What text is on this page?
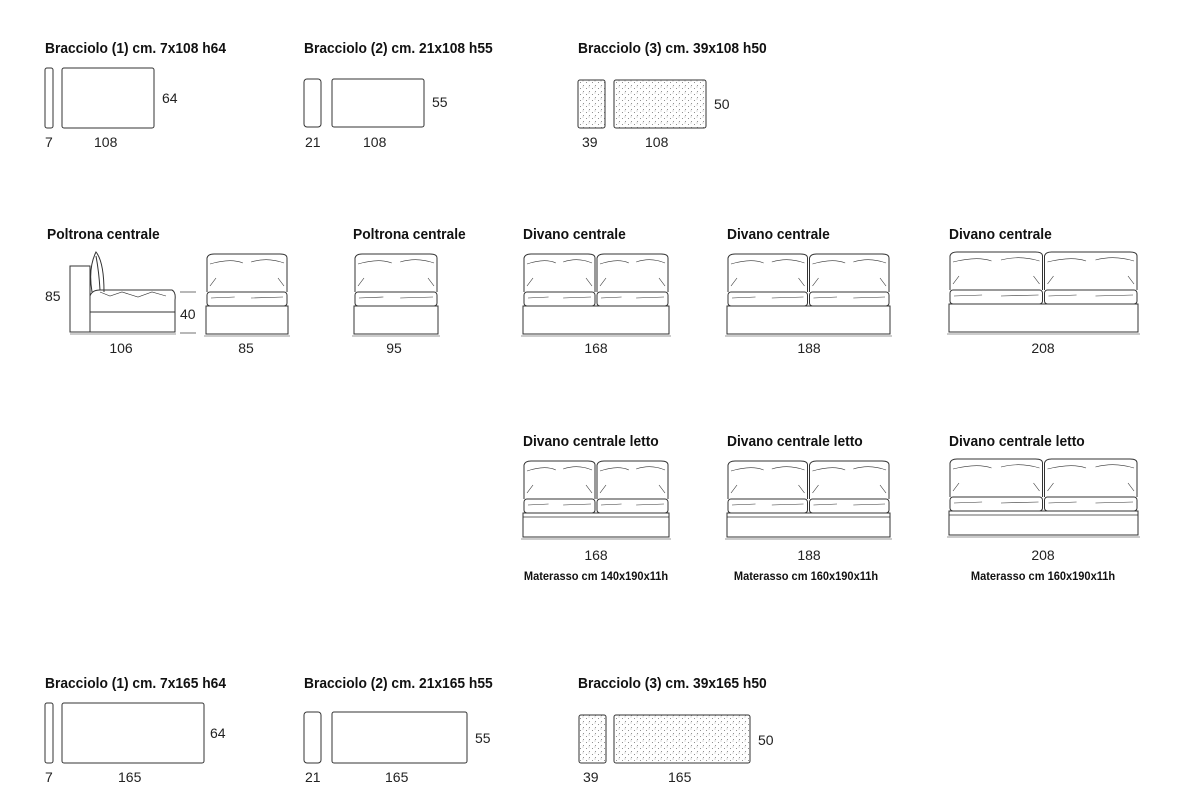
Bracciolo (1) cm. 7x108 h64	Bracciolo (2) cm. 21x108 h55	Bracciolo (3) cm. 39x108 h50
7	108
64
21	108
55
39	108
50
Poltrona centrale	Poltrona centrale	Divano centrale	Divano centrale	Divano centrale
85
40
106	85	95	168	188	208
Divano centrale letto	Divano centrale letto	Divano centrale letto
168	188	208
Materasso cm 140x190x11h	Materasso cm 160x190x11h	Materasso cm 160x190x11h
Bracciolo (1) cm. 7x165 h64	Bracciolo (2) cm. 21x165 h55	Bracciolo (3) cm. 39x165 h50
7	165
64
21	165
55
39	165
50
